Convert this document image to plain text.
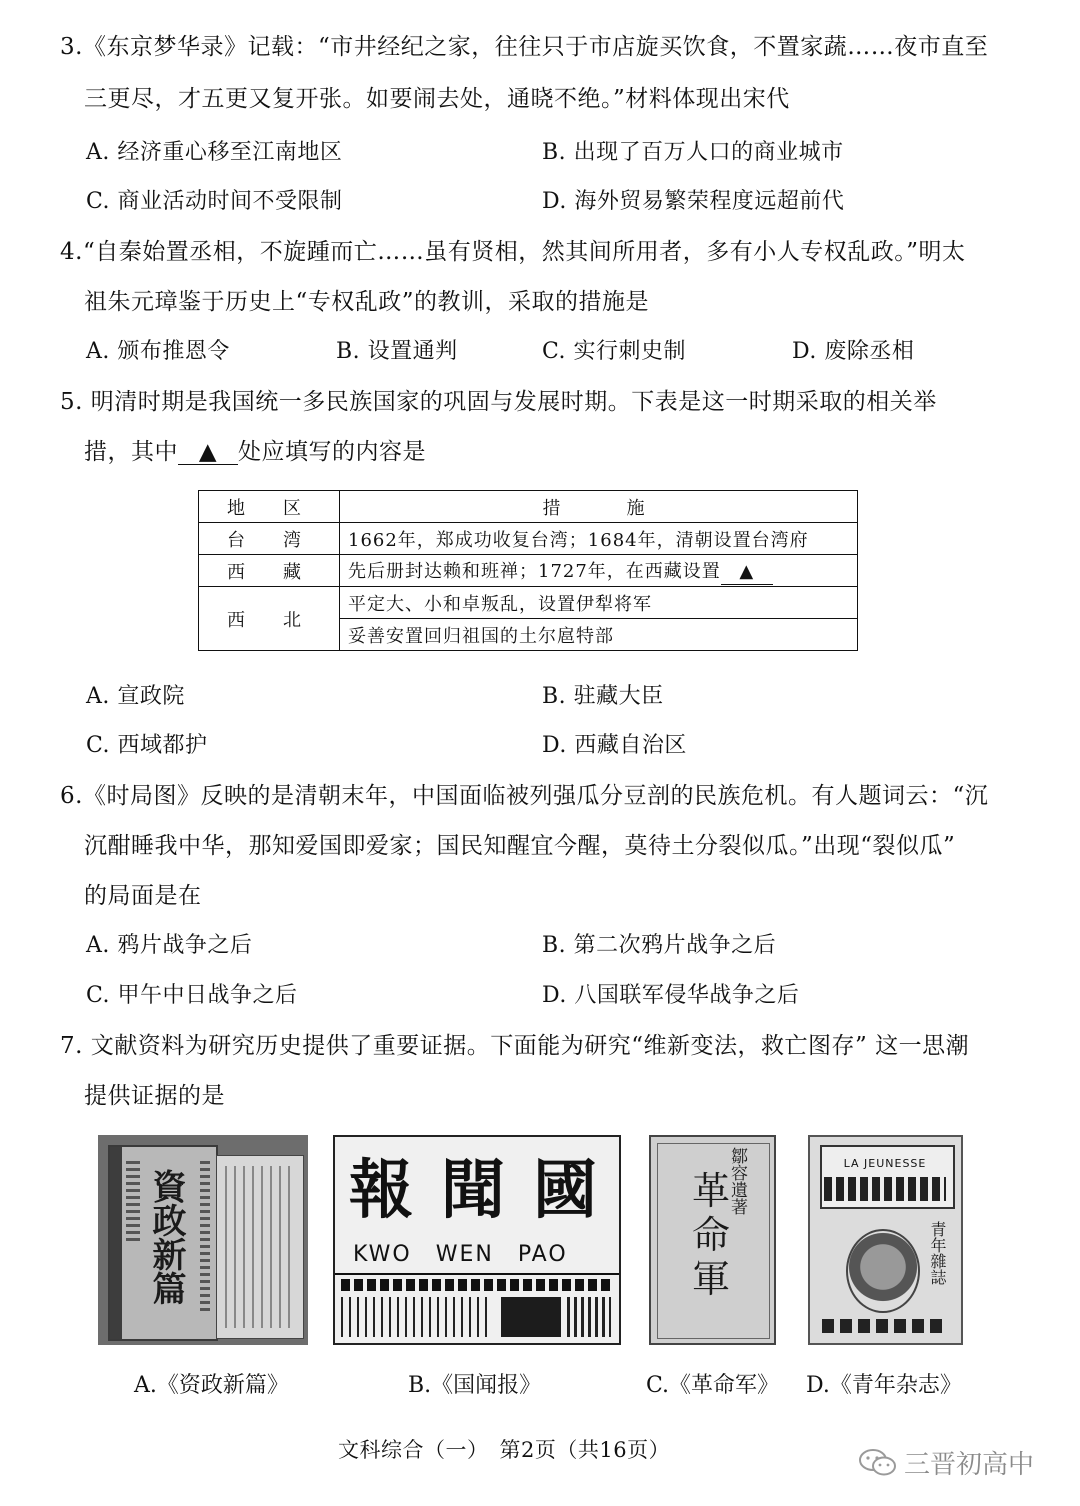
3.《东京梦华录》记载：“市井经纪之家，往往只于市店旋买饮食，不置家蔬……夜市直至
三更尽，才五更又复开张。如要闹去处，通晓不绝。”材料体现出宋代
A. 经济重心移至江南地区	B. 出现了百万人口的商业城市
C. 商业活动时间不受限制	D. 海外贸易繁荣程度远超前代
4.“自秦始置丞相，不旋踵而亡……虽有贤相，然其间所用者，多有小人专权乱政。”明太
祖朱元璋鉴于历史上“专权乱政”的教训，采取的措施是
A. 颁布推恩令	B. 设置通判	C. 实行刺史制	D. 废除丞相
5. 明清时期是我国统一多民族国家的巩固与发展时期。下表是这一时期采取的相关举
措，其中 ▲ 处应填写的内容是
地　区	措　　施
台　湾	1662年，郑成功收复台湾；1684年，清朝设置台湾府
西　藏	先后册封达赖和班禅；1727年，在西藏设置 ▲
西　北	平定大、小和卓叛乱，设置伊犁将军
	妥善安置回归祖国的土尔扈特部
A. 宣政院	B. 驻藏大臣
C. 西域都护	D. 西藏自治区
6.《时局图》反映的是清朝末年，中国面临被列强瓜分豆剖的民族危机。有人题词云：“沉
沉酣睡我中华，那知爱国即爱家；国民知醒宜今醒，莫待土分裂似瓜。”出现“裂似瓜”
的局面是在
A. 鸦片战争之后	B. 第二次鸦片战争之后
C. 甲午中日战争之后	D. 八国联军侵华战争之后
7. 文献资料为研究历史提供了重要证据。下面能为研究“维新变法，救亡图存” 这一思潮
提供证据的是
資政新篇
A.《资政新篇》
報 聞 國
KWO　WEN　PAO
B.《国闻报》
鄒容遺著
革
命
軍
C.《革命军》
LA JEUNESSE
青年雜誌
D.《青年杂志》
文科综合（一）　第2页（共16页）	三晋初高中
